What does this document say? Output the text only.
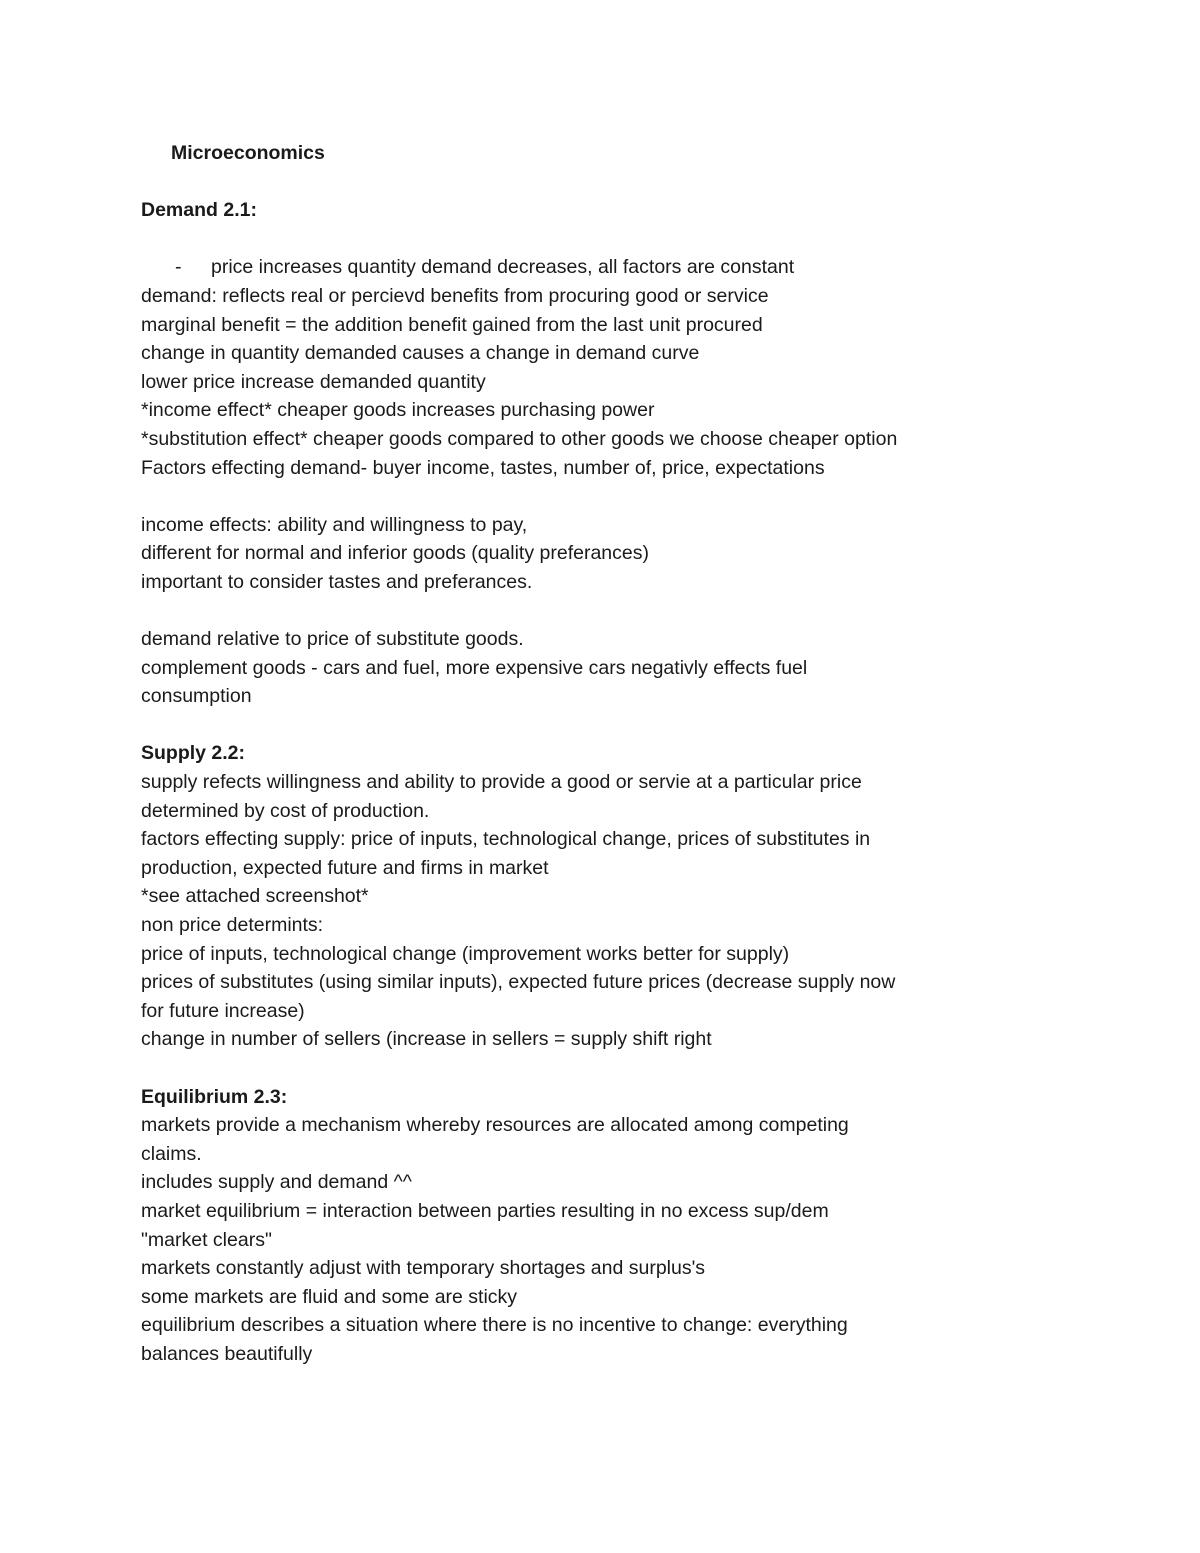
Microeconomics
Demand 2.1:
-	price increases quantity demand decreases, all factors are constant
demand: reflects real or percievd benefits from procuring good or service
marginal benefit = the addition benefit gained from the last unit procured
change in quantity demanded causes a change in demand curve
lower price increase demanded quantity
*income effect* cheaper goods increases purchasing power
*substitution effect* cheaper goods compared to other goods we choose cheaper option
Factors effecting demand- buyer income, tastes, number of, price, expectations
income effects: ability and willingness to pay,
different for normal and inferior goods (quality preferances)
important to consider tastes and preferances.
demand relative to price of substitute goods.
complement goods - cars and fuel, more expensive cars negativly effects fuel
consumption
Supply 2.2:
supply refects willingness and ability to provide a good or servie at a particular price
determined by cost of production.
factors effecting supply: price of inputs, technological change, prices of substitutes in
production, expected future and firms in market
*see attached screenshot*
non price determints:
price of inputs, technological change (improvement works better for supply)
prices of substitutes (using similar inputs), expected future prices (decrease supply now
for future increase)
change in number of sellers (increase in sellers = supply shift right
Equilibrium 2.3:
markets provide a mechanism whereby resources are allocated among competing
claims.
includes supply and demand ^^
market equilibrium = interaction between parties resulting in no excess sup/dem
"market clears"
markets constantly adjust with temporary shortages and surplus's
some markets are fluid and some are sticky
equilibrium describes a situation where there is no incentive to change: everything
balances beautifully
